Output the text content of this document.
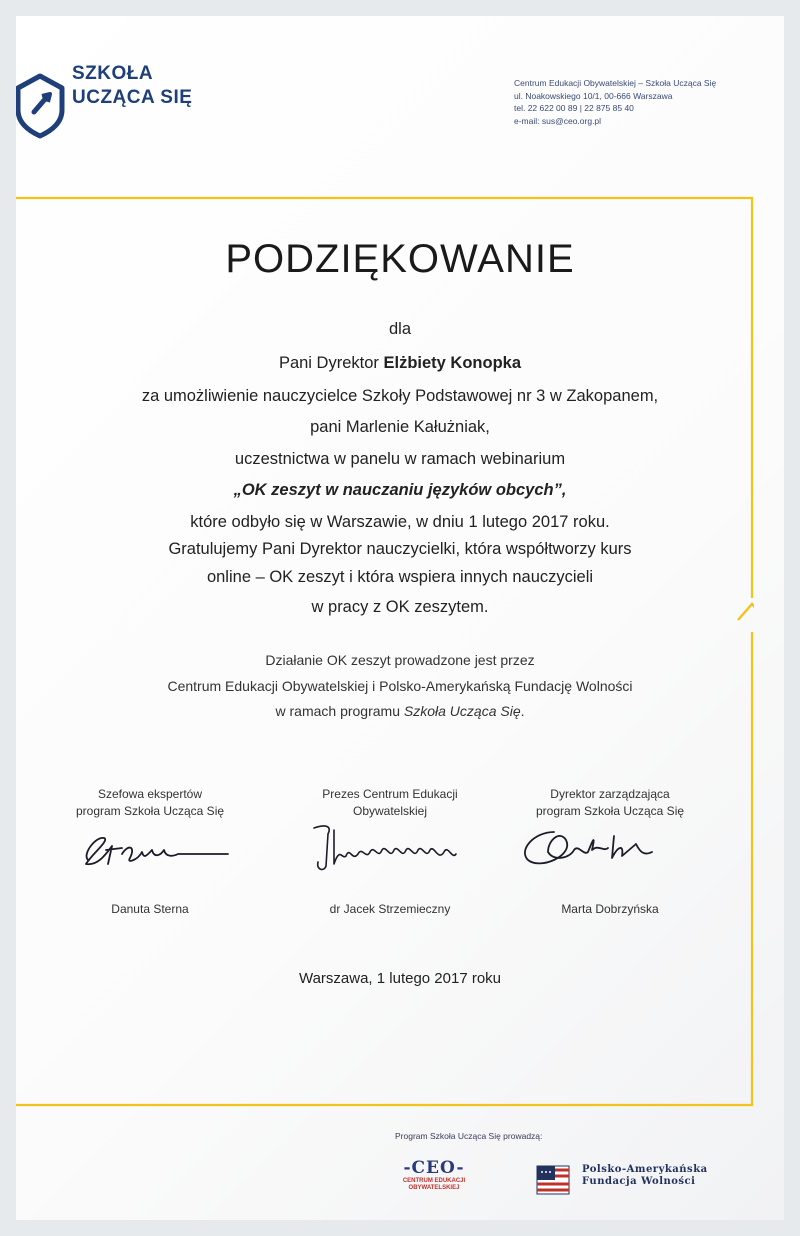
SZKOŁA
UCZĄCA SIĘ
Centrum Edukacji Obywatelskiej – Szkoła Ucząca Się
ul. Noakowskiego 10/1, 00-666 Warszawa
tel. 22 622 00 89 | 22 875 85 40
e-mail: sus@ceo.org.pl
PODZIĘKOWANIE
dla
Pani Dyrektor Elżbiety Konopka
za umożliwienie nauczycielce Szkoły Podstawowej nr 3 w Zakopanem,
pani Marlenie Kałużniak,
uczestnictwa w panelu w ramach webinarium
„OK zeszyt w nauczaniu języków obcych”,
które odbyło się w Warszawie, w dniu 1 lutego 2017 roku.
Gratulujemy Pani Dyrektor nauczycielki, która współtworzy kurs
online – OK zeszyt i która wspiera innych nauczycieli
w pracy z OK zeszytem.
Działanie OK zeszyt prowadzone jest przez
Centrum Edukacji Obywatelskiej i Polsko-Amerykańską Fundację Wolności
w ramach programu Szkoła Ucząca Się.
Szefowa ekspertów
program Szkoła Ucząca Się
Prezes Centrum Edukacji
Obywatelskiej
Dyrektor zarządzająca
program Szkoła Ucząca Się
Danuta Sterna	dr Jacek Strzemieczny	Marta Dobrzyńska
Warszawa, 1 lutego 2017 roku
Program Szkoła Ucząca Się prowadzą:
-CEO-
CENTRUM EDUKACJI
OBYWATELSKIEJ
Polsko-Amerykańska
Fundacja Wolności
